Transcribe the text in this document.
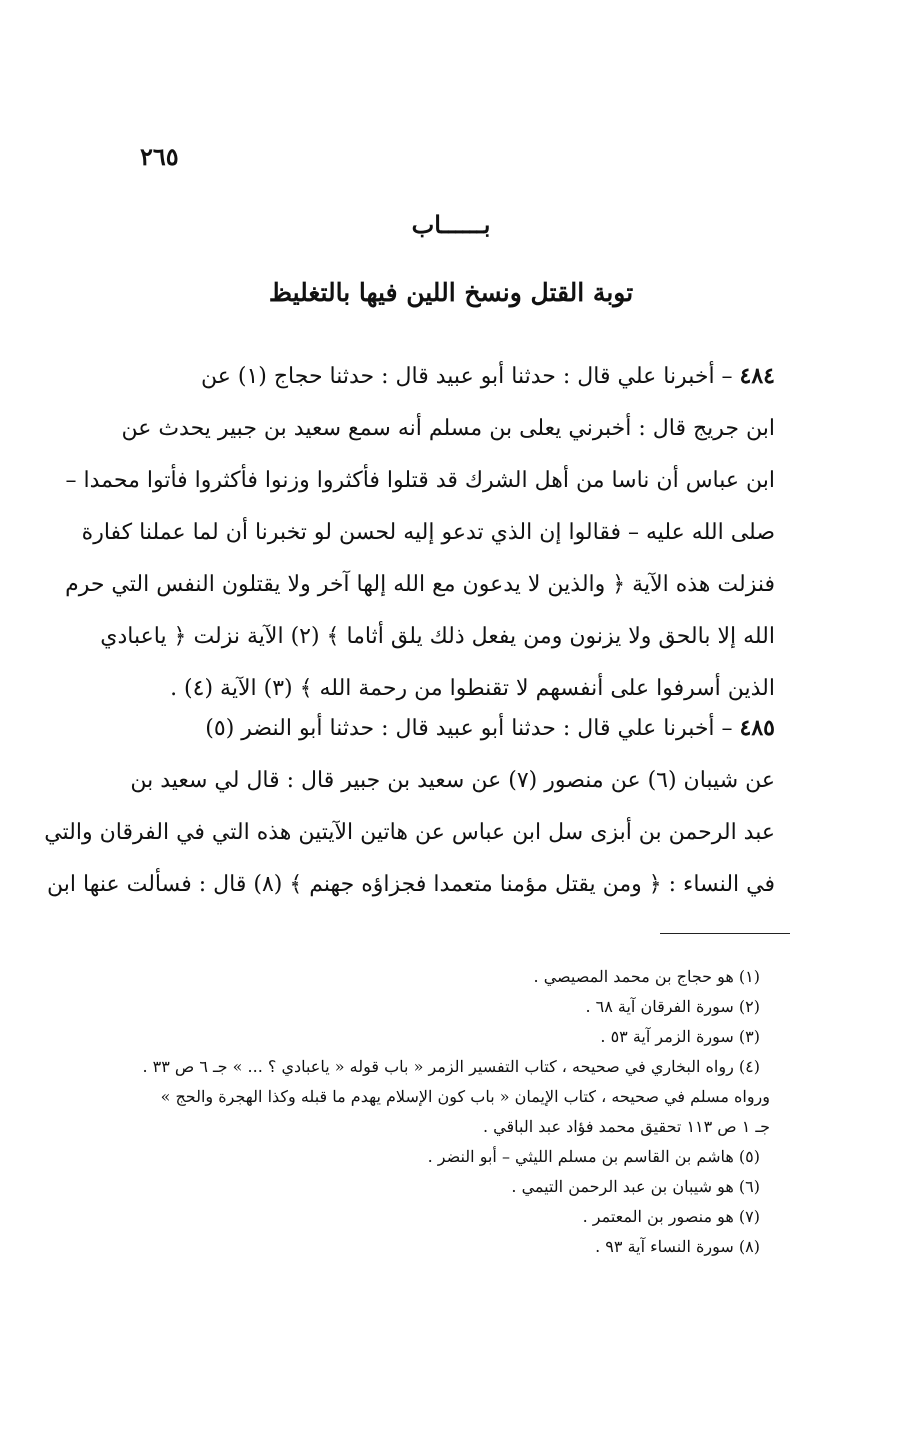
٢٦٥
بــــــاب
توبة القتل ونسخ اللين فيها بالتغليظ
٤٨٤ – أخبرنا علي قال : حدثنا أبو عبيد قال : حدثنا حجاج (١) عن
ابن جريج قال : أخبرني يعلى بن مسلم أنه سمع سعيد بن جبير يحدث عن
ابن عباس أن ناسا من أهل الشرك قد قتلوا فأكثروا وزنوا فأكثروا فأتوا محمدا –
صلى الله عليه – فقالوا إن الذي تدعو إليه لحسن لو تخبرنا أن لما عملنا كفارة
فنزلت هذه الآية ﴿ والذين لا يدعون مع الله إلها آخر ولا يقتلون النفس التي حرم
الله إلا بالحق ولا يزنون ومن يفعل ذلك يلق أثاما ﴾ (٢) الآية نزلت ﴿ ياعبادي
الذين أسرفوا على أنفسهم لا تقنطوا من رحمة الله ﴾ (٣) الآية (٤) .
٤٨٥ – أخبرنا علي قال : حدثنا أبو عبيد قال : حدثنا أبو النضر (٥)
عن شيبان (٦) عن منصور (٧) عن سعيد بن جبير قال : قال لي سعيد بن
عبد الرحمن بن أبزى سل ابن عباس عن هاتين الآيتين هذه التي في الفرقان والتي
في النساء : ﴿ ومن يقتل مؤمنا متعمدا فجزاؤه جهنم ﴾ (٨) قال : فسألت عنها ابن
(١) هو حجاج بن محمد المصيصي .
(٢) سورة الفرقان آية ٦٨ .
(٣) سورة الزمر آية ٥٣ .
(٤) رواه البخاري في صحيحه ، كتاب التفسير الزمر « باب قوله « ياعبادي ؟ ... » جـ ٦ ص ٣٣ .
ورواه مسلم في صحيحه ، كتاب الإيمان « باب كون الإسلام يهدم ما قبله وكذا الهجرة والحج »
جـ ١ ص ١١٣ تحقيق محمد فؤاد عبد الباقي .
(٥) هاشم بن القاسم بن مسلم الليثي – أبو النضر .
(٦) هو شيبان بن عبد الرحمن التيمي .
(٧) هو منصور بن المعتمر .
(٨) سورة النساء آية ٩٣ .
